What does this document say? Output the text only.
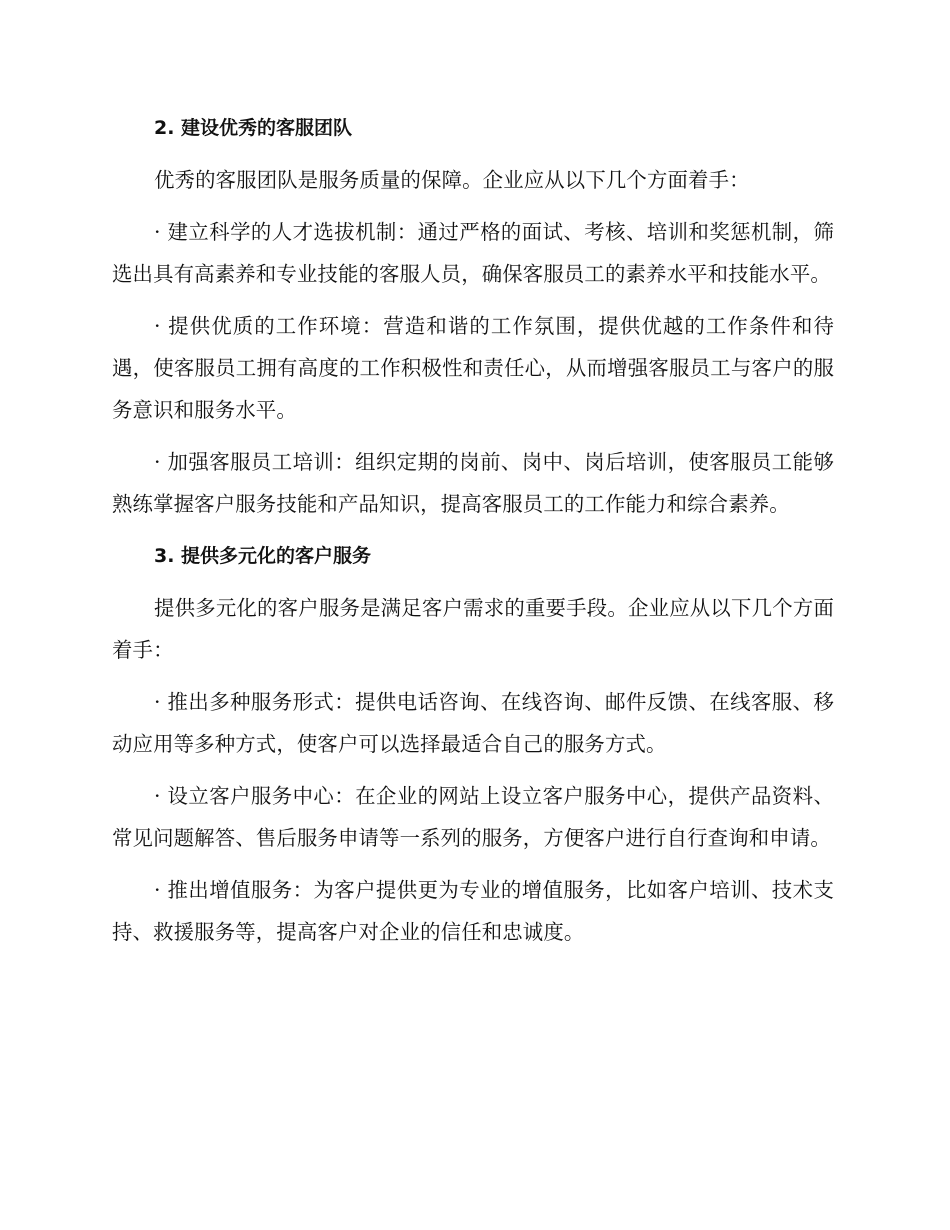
2. 建设优秀的客服团队

优秀的客服团队是服务质量的保障。企业应从以下几个方面着手：

· 建立科学的人才选拔机制：通过严格的面试、考核、培训和奖惩机制，筛选出具有高素养和专业技能的客服人员，确保客服员工的素养水平和技能水平。

· 提供优质的工作环境：营造和谐的工作氛围，提供优越的工作条件和待遇，使客服员工拥有高度的工作积极性和责任心，从而增强客服员工与客户的服务意识和服务水平。

· 加强客服员工培训：组织定期的岗前、岗中、岗后培训，使客服员工能够熟练掌握客户服务技能和产品知识，提高客服员工的工作能力和综合素养。

3. 提供多元化的客户服务

提供多元化的客户服务是满足客户需求的重要手段。企业应从以下几个方面着手：

· 推出多种服务形式：提供电话咨询、在线咨询、邮件反馈、在线客服、移动应用等多种方式，使客户可以选择最适合自己的服务方式。

· 设立客户服务中心：在企业的网站上设立客户服务中心，提供产品资料、常见问题解答、售后服务申请等一系列的服务，方便客户进行自行查询和申请。

· 推出增值服务：为客户提供更为专业的增值服务，比如客户培训、技术支持、救援服务等，提高客户对企业的信任和忠诚度。
